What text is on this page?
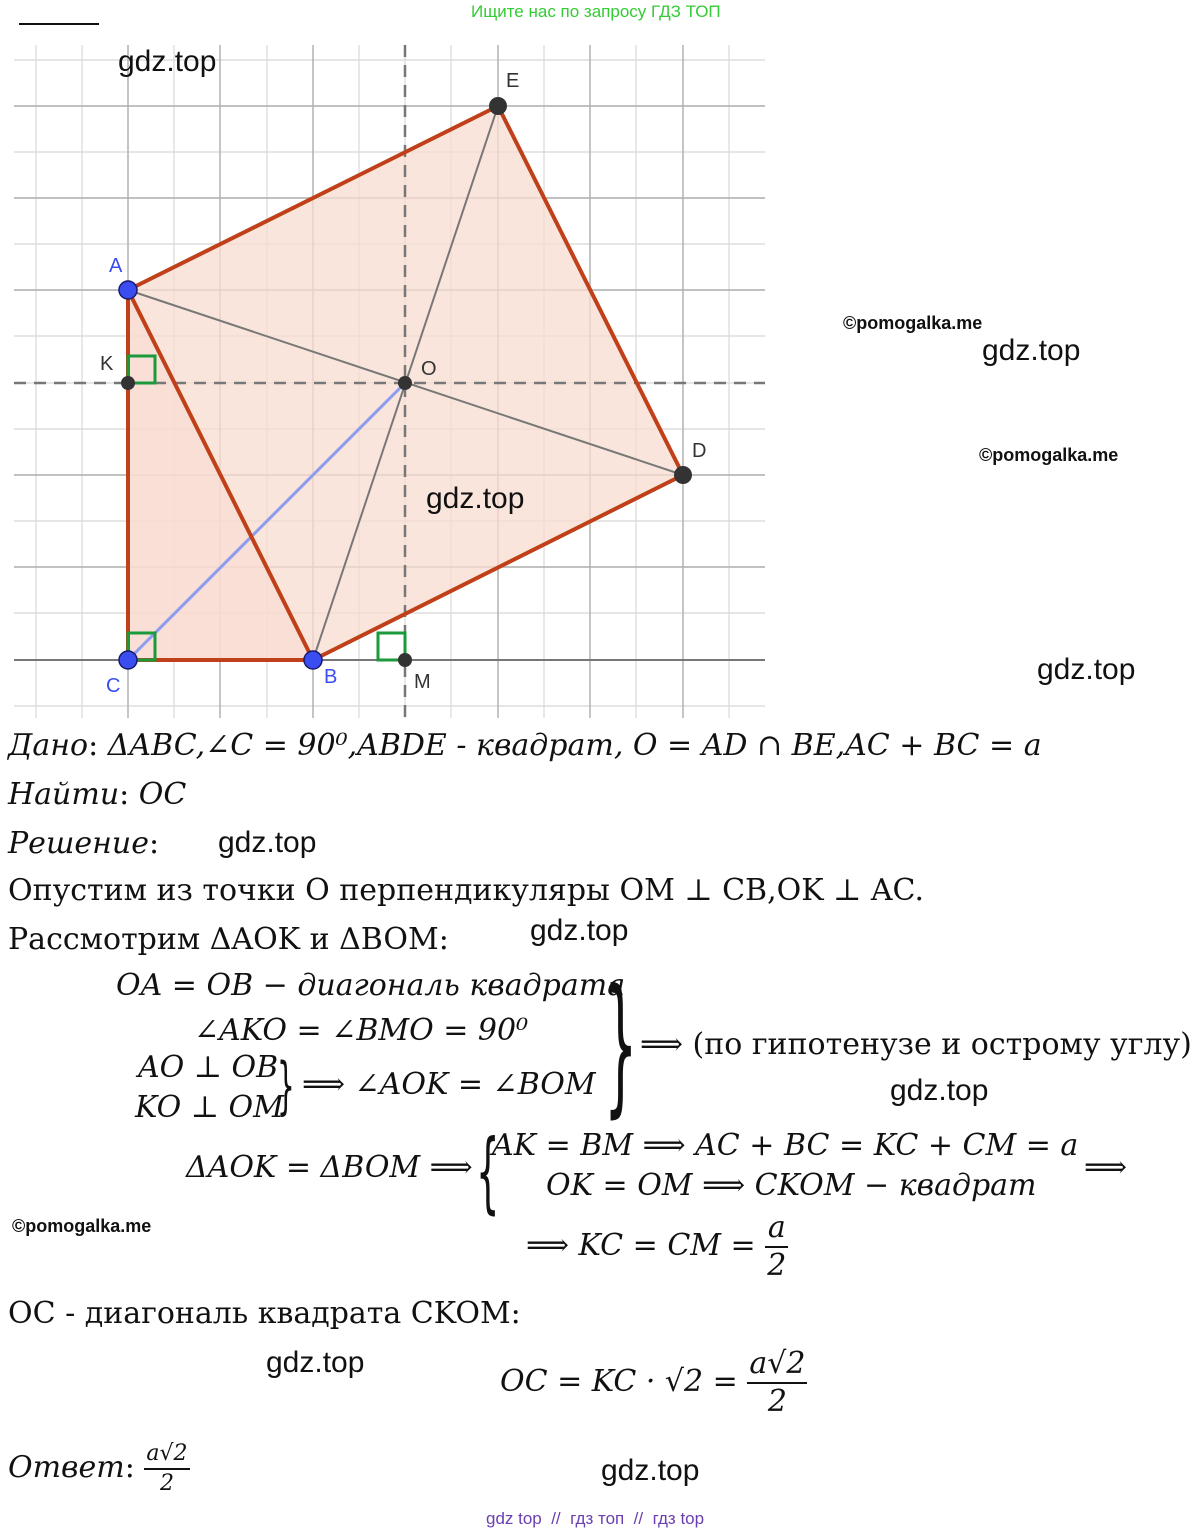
Ищите нас по запросу ГДЗ ТОП
A
B
C
D
E
K	O
M
gdz.top
©pomogalka.me
gdz.top
©pomogalka.me
gdz.top
gdz.top
gdz.top
gdz.top
gdz.top
©pomogalka.me
gdz.top
gdz.top
Дано: ΔABC,∠C = 90⁰,ABDE - квадрат, O = AD ∩ BE,AC + BC = a
Найти: OC
Решение:
Опустим из точки O перпендикуляры OM ⊥ CB,OK ⊥ AC.
Рассмотрим ΔAOK и ΔBOM:
OA = OB − диагональ квадрата
∠AKO = ∠BMO = 90⁰
AO ⊥ OB
KO ⊥ OM
} ⟹ ∠AOK = ∠BOM } ⟹ (по гипотенузе и острому углу)
ΔAOK = ΔBOM ⟹ {
AK = BM ⟹ AC + BC = KC + CM = a
OK = OM ⟹ CKOM − квадрат
⟹
⟹ KC = CM = $\frac{a}{2}$
OC - диагональ квадрата CKOM:
OC = KC · $√2 = \frac{a√2}{2}$
Ответ: $\frac{a√2}{2}$
gdz top  //  гдз топ  //  гдз top
